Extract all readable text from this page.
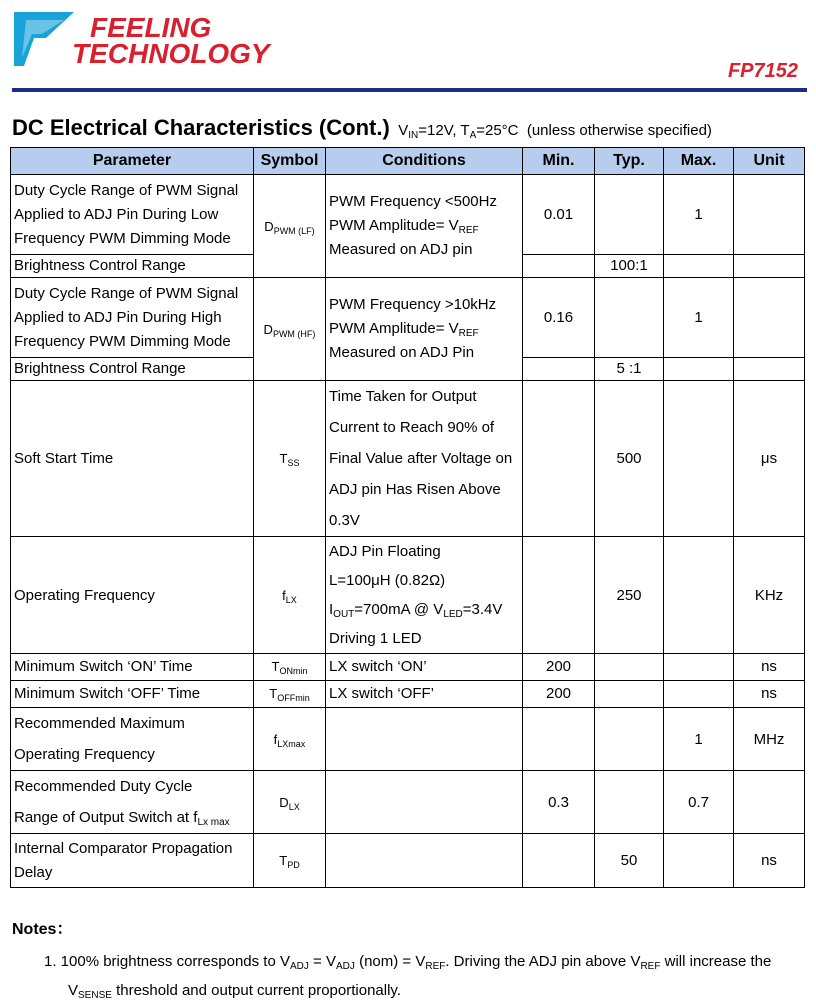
FEELING
TECHNOLOGY
FP7152
DC Electrical Characteristics (Cont.) $V_{IN}=12V$, $T_A=25^\circ C$  (unless otherwise specified)
Parameter	Symbol	Conditions	Min.	Typ.	Max.	Unit
Duty Cycle Range of PWM Signal Applied to ADJ Pin During Low Frequency PWM Dimming Mode	$D_{PWM (LF)}$	PWM Frequency <500Hz
PWM Amplitude= $V_{REF}$
Measured on ADJ pin	0.01		1	
Brightness Control Range				100:1		
Duty Cycle Range of PWM Signal Applied to ADJ Pin During High Frequency PWM Dimming Mode	$D_{PWM (HF)}$	PWM Frequency >10kHz
PWM Amplitude= $V_{REF}$
Measured on ADJ Pin	0.16		1	
Brightness Control Range				5 :1		
Soft Start Time	$T_{SS}$	Time Taken for Output Current to Reach 90% of Final Value after Voltage on ADJ pin Has Risen Above 0.3V		500		μs
Operating Frequency	$f_{LX}$	ADJ Pin Floating
L=100μH (0.82Ω)
$I_{OUT}=700mA$ @ $V_{LED}=3.4V$
Driving 1 LED		250		KHz
Minimum Switch ‘ON’ Time	$T_{ONmin}$	LX switch ‘ON’	200			ns
Minimum Switch ‘OFF’ Time	$T_{OFFmin}$	LX switch ‘OFF’	200			ns
Recommended Maximum Operating Frequency	$f_{LXmax}$				1	MHz
Recommended Duty Cycle
Range of Output Switch at $f_{Lx max}$	$D_{LX}$		0.3		0.7	
Internal Comparator Propagation Delay	$T_{PD}$			50		ns
Notes：
1. 100% brightness corresponds to $V_{ADJ} = V_{ADJ}$ $(nom) = V_{REF}$. Driving the ADJ pin above $V_{REF}$ will increase the
$V_{SENSE}$ threshold and output current proportionally.
